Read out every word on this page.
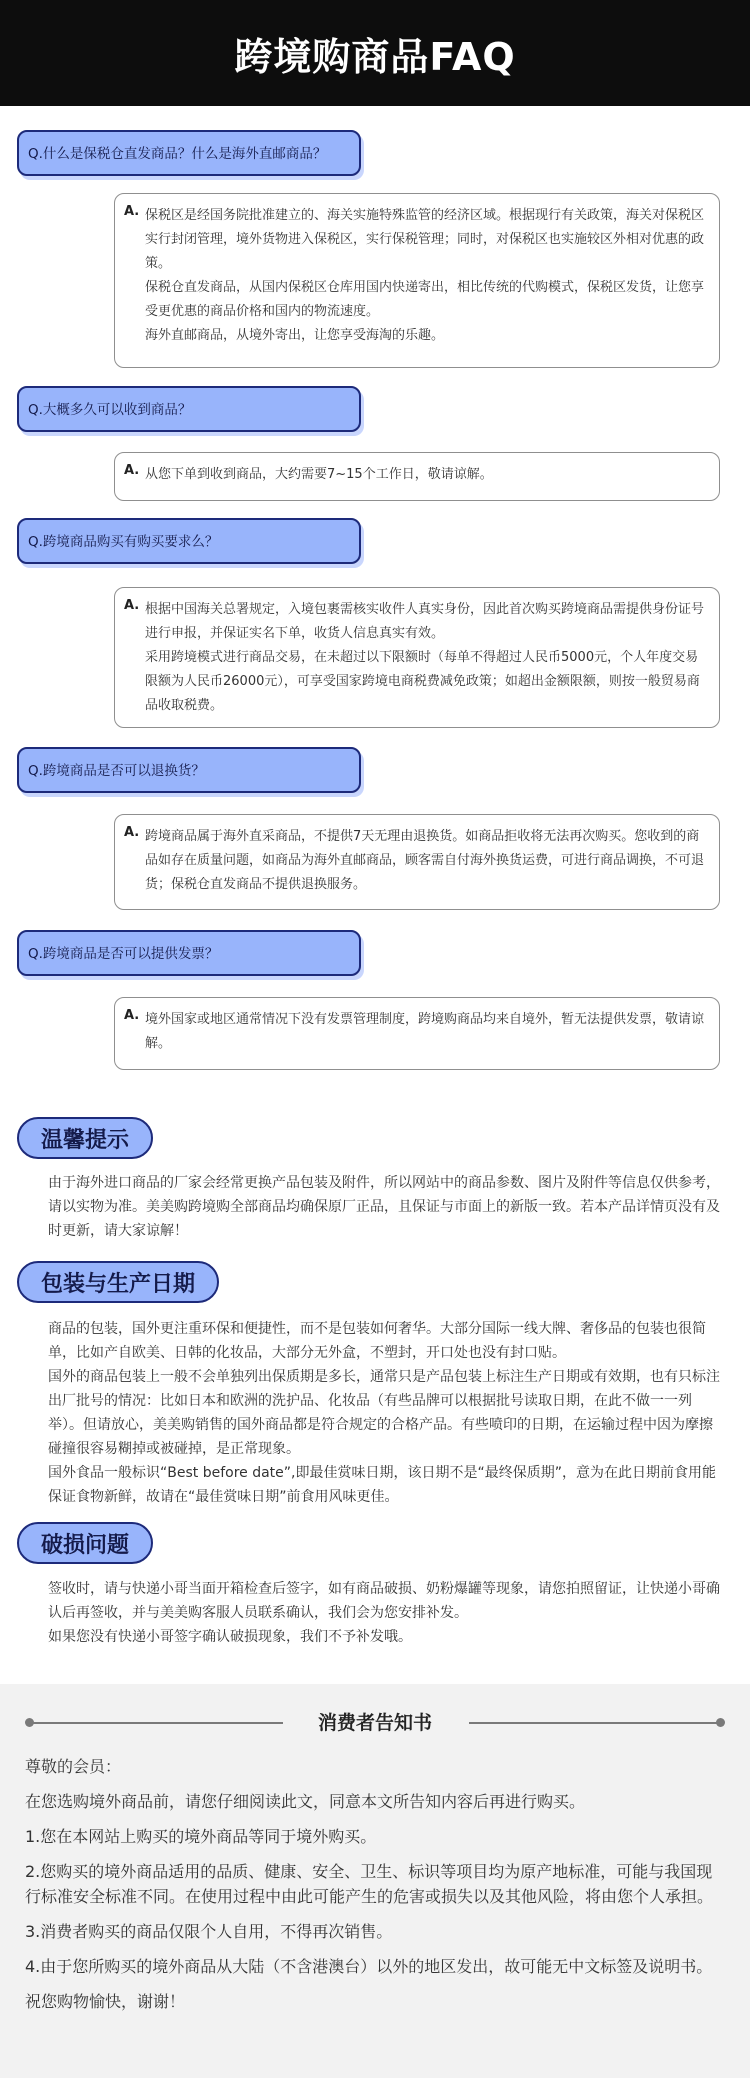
跨境购商品FAQ
Q.什么是保税仓直发商品？什么是海外直邮商品？
A. 保税区是经国务院批准建立的、海关实施特殊监管的经济区域。根据现行有关政策，海关对保税区实行封闭管理，境外货物进入保税区，实行保税管理；同时，对保税区也实施较区外相对优惠的政策。

保税仓直发商品，从国内保税区仓库用国内快递寄出，相比传统的代购模式，保税区发货，让您享受更优惠的商品价格和国内的物流速度。

海外直邮商品，从境外寄出，让您享受海淘的乐趣。

Q.大概多久可以收到商品？
A. 从您下单到收到商品，大约需要7~15个工作日，敬请谅解。

Q.跨境商品购买有购买要求么？
A. 根据中国海关总署规定，入境包裹需核实收件人真实身份，因此首次购买跨境商品需提供身份证号进行申报，并保证实名下单，收货人信息真实有效。

采用跨境模式进行商品交易，在未超过以下限额时（每单不得超过人民币5000元，个人年度交易限额为人民币26000元），可享受国家跨境电商税费减免政策；如超出金额限额，则按一般贸易商品收取税费。

Q.跨境商品是否可以退换货？
A. 跨境商品属于海外直采商品，不提供7天无理由退换货。如商品拒收将无法再次购买。您收到的商品如存在质量问题，如商品为海外直邮商品，顾客需自付海外换货运费，可进行商品调换，不可退货；保税仓直发商品不提供退换服务。

Q.跨境商品是否可以提供发票？
A. 境外国家或地区通常情况下没有发票管理制度，跨境购商品均来自境外，暂无法提供发票，敬请谅解。

温馨提示

由于海外进口商品的厂家会经常更换产品包装及附件，所以网站中的商品参数、图片及附件等信息仅供参考，请以实物为准。美美购跨境购全部商品均确保原厂正品，且保证与市面上的新版一致。若本产品详情页没有及时更新，请大家谅解！

包装与生产日期

商品的包装，国外更注重环保和便捷性，而不是包装如何奢华。大部分国际一线大牌、奢侈品的包装也很简单，比如产自欧美、日韩的化妆品，大部分无外盒，不塑封，开口处也没有封口贴。

国外的商品包装上一般不会单独列出保质期是多长，通常只是产品包装上标注生产日期或有效期，也有只标注出厂批号的情况：比如日本和欧洲的洗护品、化妆品（有些品牌可以根据批号读取日期，在此不做一一列举）。但请放心，美美购销售的国外商品都是符合规定的合格产品。有些喷印的日期，在运输过程中因为摩擦碰撞很容易糊掉或被碰掉，是正常现象。

国外食品一般标识“Best before date”,即最佳赏味日期，该日期不是“最终保质期”，意为在此日期前食用能保证食物新鲜，故请在“最佳赏味日期”前食用风味更佳。

破损问题

签收时，请与快递小哥当面开箱检查后签字，如有商品破损、奶粉爆罐等现象，请您拍照留证，让快递小哥确认后再签收，并与美美购客服人员联系确认，我们会为您安排补发。

如果您没有快递小哥签字确认破损现象，我们不予补发哦。

消费者告知书

尊敬的会员：

在您选购境外商品前，请您仔细阅读此文，同意本文所告知内容后再进行购买。

1.您在本网站上购买的境外商品等同于境外购买。

2.您购买的境外商品适用的品质、健康、安全、卫生、标识等项目均为原产地标准，可能与我国现行标准安全标准不同。在使用过程中由此可能产生的危害或损失以及其他风险，将由您个人承担。

3.消费者购买的商品仅限个人自用，不得再次销售。

4.由于您所购买的境外商品从大陆（不含港澳台）以外的地区发出，故可能无中文标签及说明书。

祝您购物愉快，谢谢！
